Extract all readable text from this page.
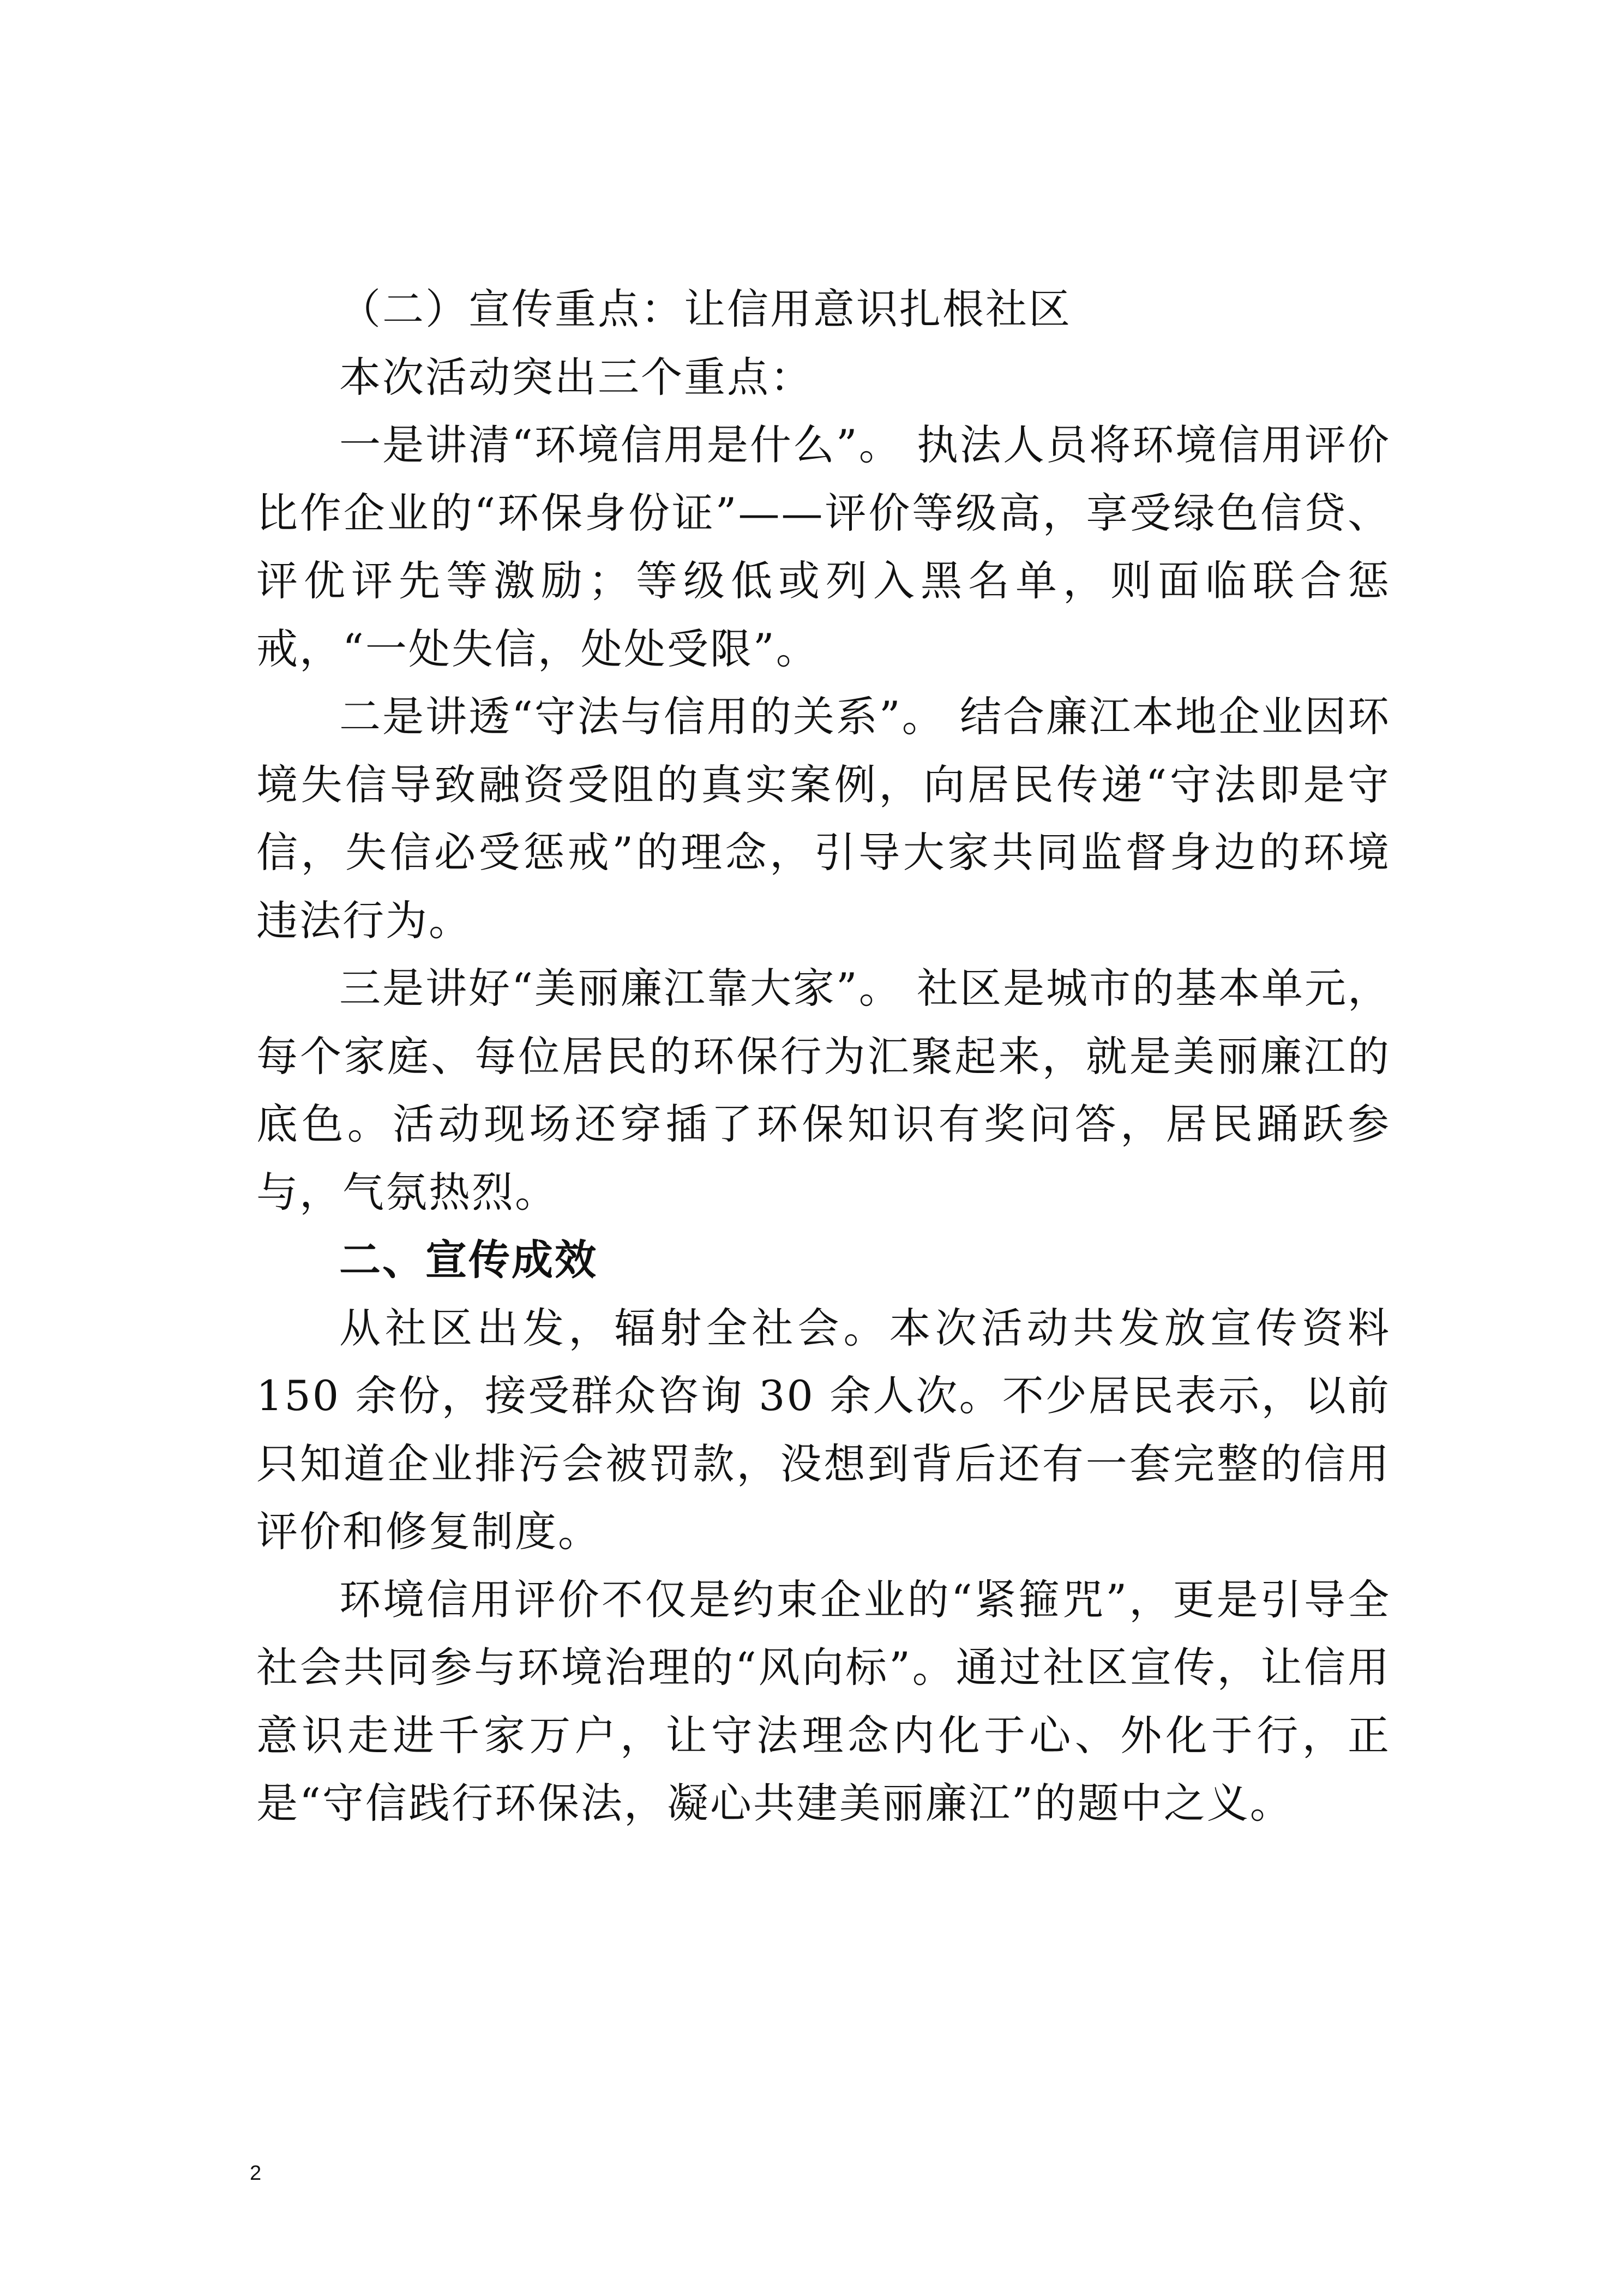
（二）宣传重点：让信用意识扎根社区

本次活动突出三个重点：

一是讲清“环境信用是什么”。 执法人员将环境信用评价比作企业的“环保身份证”——评价等级高，享受绿色信贷、评优评先等激励；等级低或列入黑名单，则面临联合惩戒，“一处失信，处处受限”。

二是讲透“守法与信用的关系”。 结合廉江本地企业因环境失信导致融资受阻的真实案例，向居民传递“守法即是守信，失信必受惩戒”的理念，引导大家共同监督身边的环境违法行为。

三是讲好“美丽廉江靠大家”。 社区是城市的基本单元，每个家庭、每位居民的环保行为汇聚起来，就是美丽廉江的底色。活动现场还穿插了环保知识有奖问答，居民踊跃参与，气氛热烈。

二、宣传成效

从社区出发，辐射全社会。本次活动共发放宣传资料 150 余份，接受群众咨询 30 余人次。不少居民表示，以前只知道企业排污会被罚款，没想到背后还有一套完整的信用评价和修复制度。

环境信用评价不仅是约束企业的“紧箍咒”，更是引导全社会共同参与环境治理的“风向标”。通过社区宣传，让信用意识走进千家万户，让守法理念内化于心、外化于行，正是“守信践行环保法，凝心共建美丽廉江”的题中之义。

2
